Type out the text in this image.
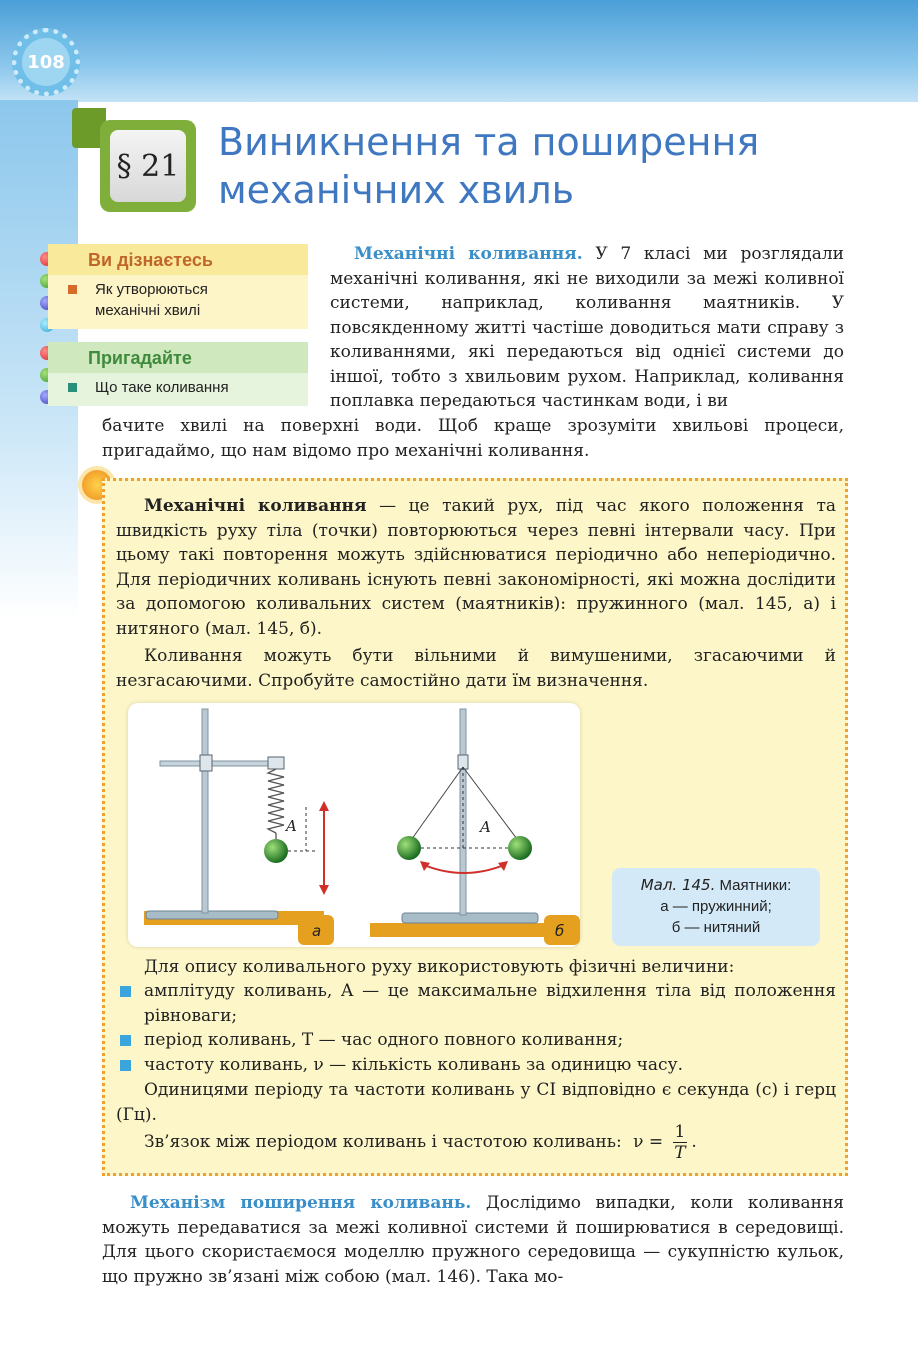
108
§ 21
Виникнення та поширення
механічних хвиль
Ви дізнаєтесь
Як утворюються механічні хвилі
Пригадайте
Що таке коливання
Механічні коливання. У 7 класі ми розглядали механічні коливання, які не виходили за межі коливної системи, наприклад, коливання маятників. У повсякденному житті частіше доводиться мати справу з коливаннями, які передаються від однієї системи до іншої, тобто з хвильовим рухом. Наприклад, коливання поплавка передаються частинкам води, і ви
бачите хвилі на поверхні води. Щоб краще зрозуміти хвильові процеси, пригадаймо, що нам відомо про механічні коливання.
Механічні коливання — це такий рух, під час якого положення та швидкість руху тіла (точки) повторюються через певні інтервали часу. При цьому такі повторення можуть здійснюватися періодично або неперіодично. Для періодичних коливань існують певні закономірності, які можна дослідити за допомогою коливальних систем (маятників): пружинного (мал. 145, а) і нитяного (мал. 145, б).
Коливання можуть бути вільними й вимушеними, згасаючими й незгасаючими. Спробуйте самостійно дати їм визначення.
A
а
A
б
Мал. 145. Маятники:
а — пружинний;
б — нитяний
Для опису коливального руху використовують фізичні величини:
амплітуду коливань, A — це максимальне відхилення тіла від положення рівноваги;
період коливань, T — час одного повного коливання;
частоту коливань, ν — кількість коливань за одиницю часу.
Одиницями періоду та частоти коливань у СІ відповідно є секунда (с) і герц (Гц).
Зв’язок між періодом коливань і частотою коливань: $\nu = \frac{1}{T}$ .
Механізм поширення коливань. Дослідимо випадки, коли коливання можуть передаватися за межі коливної системи й поширюватися в середовищі. Для цього скористаємося моделлю пружного середовища — сукупністю кульок, що пружно зв’язані між собою (мал. 146). Така мо-
